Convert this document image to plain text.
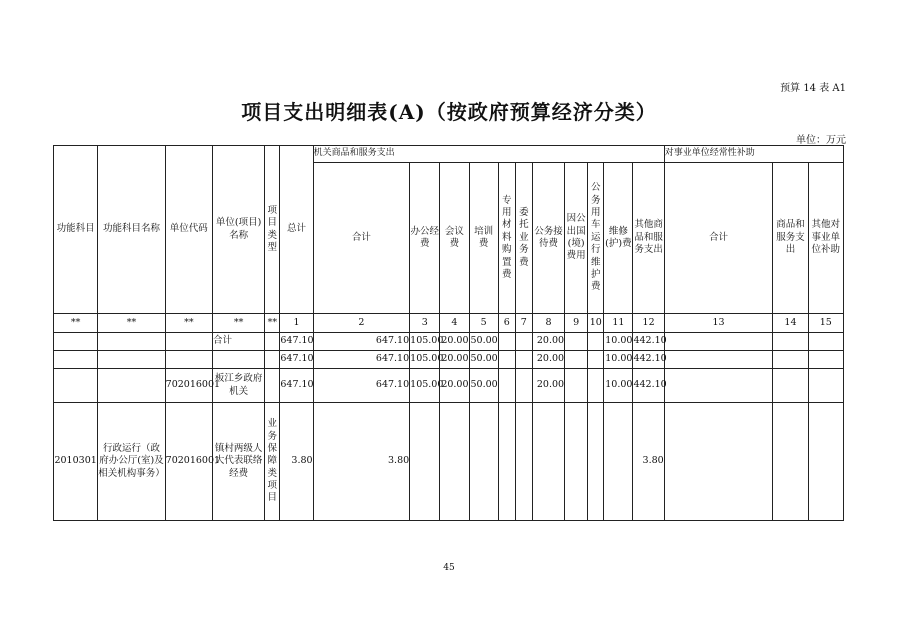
预算 14 表 A1
项目支出明细表(A)（按政府预算经济分类）
单位：万元
功能科目	功能科目名称	单位代码	单位(项目)名称	项目类型	总计	机关商品和服务支出											对事业单位经常性补助		
						合计	办公经费	会议费	培训费	专用材料购置费	委托业务费	公务接待费	因公出国(境)费用	公务用车运行维护费	维修(护)费	其他商品和服务支出	合计	商品和服务支出	其他对事业单位补助
**	**	**	**	**	1	2	3	4	5	6	7	8	9	10	11	12	13	14	15
			合计		647.10	647.10	105.00	20.00	50.00			20.00			10.00	442.10			
					647.10	647.10	105.00	20.00	50.00			20.00			10.00	442.10			
		702016001	板江乡政府机关		647.10	647.10	105.00	20.00	50.00			20.00			10.00	442.10			
2010301	行政运行（政府办公厅(室)及相关机构事务）	702016001	镇村两级人大代表联络经费	业务保障类项目	3.80	3.80										3.80			
45
